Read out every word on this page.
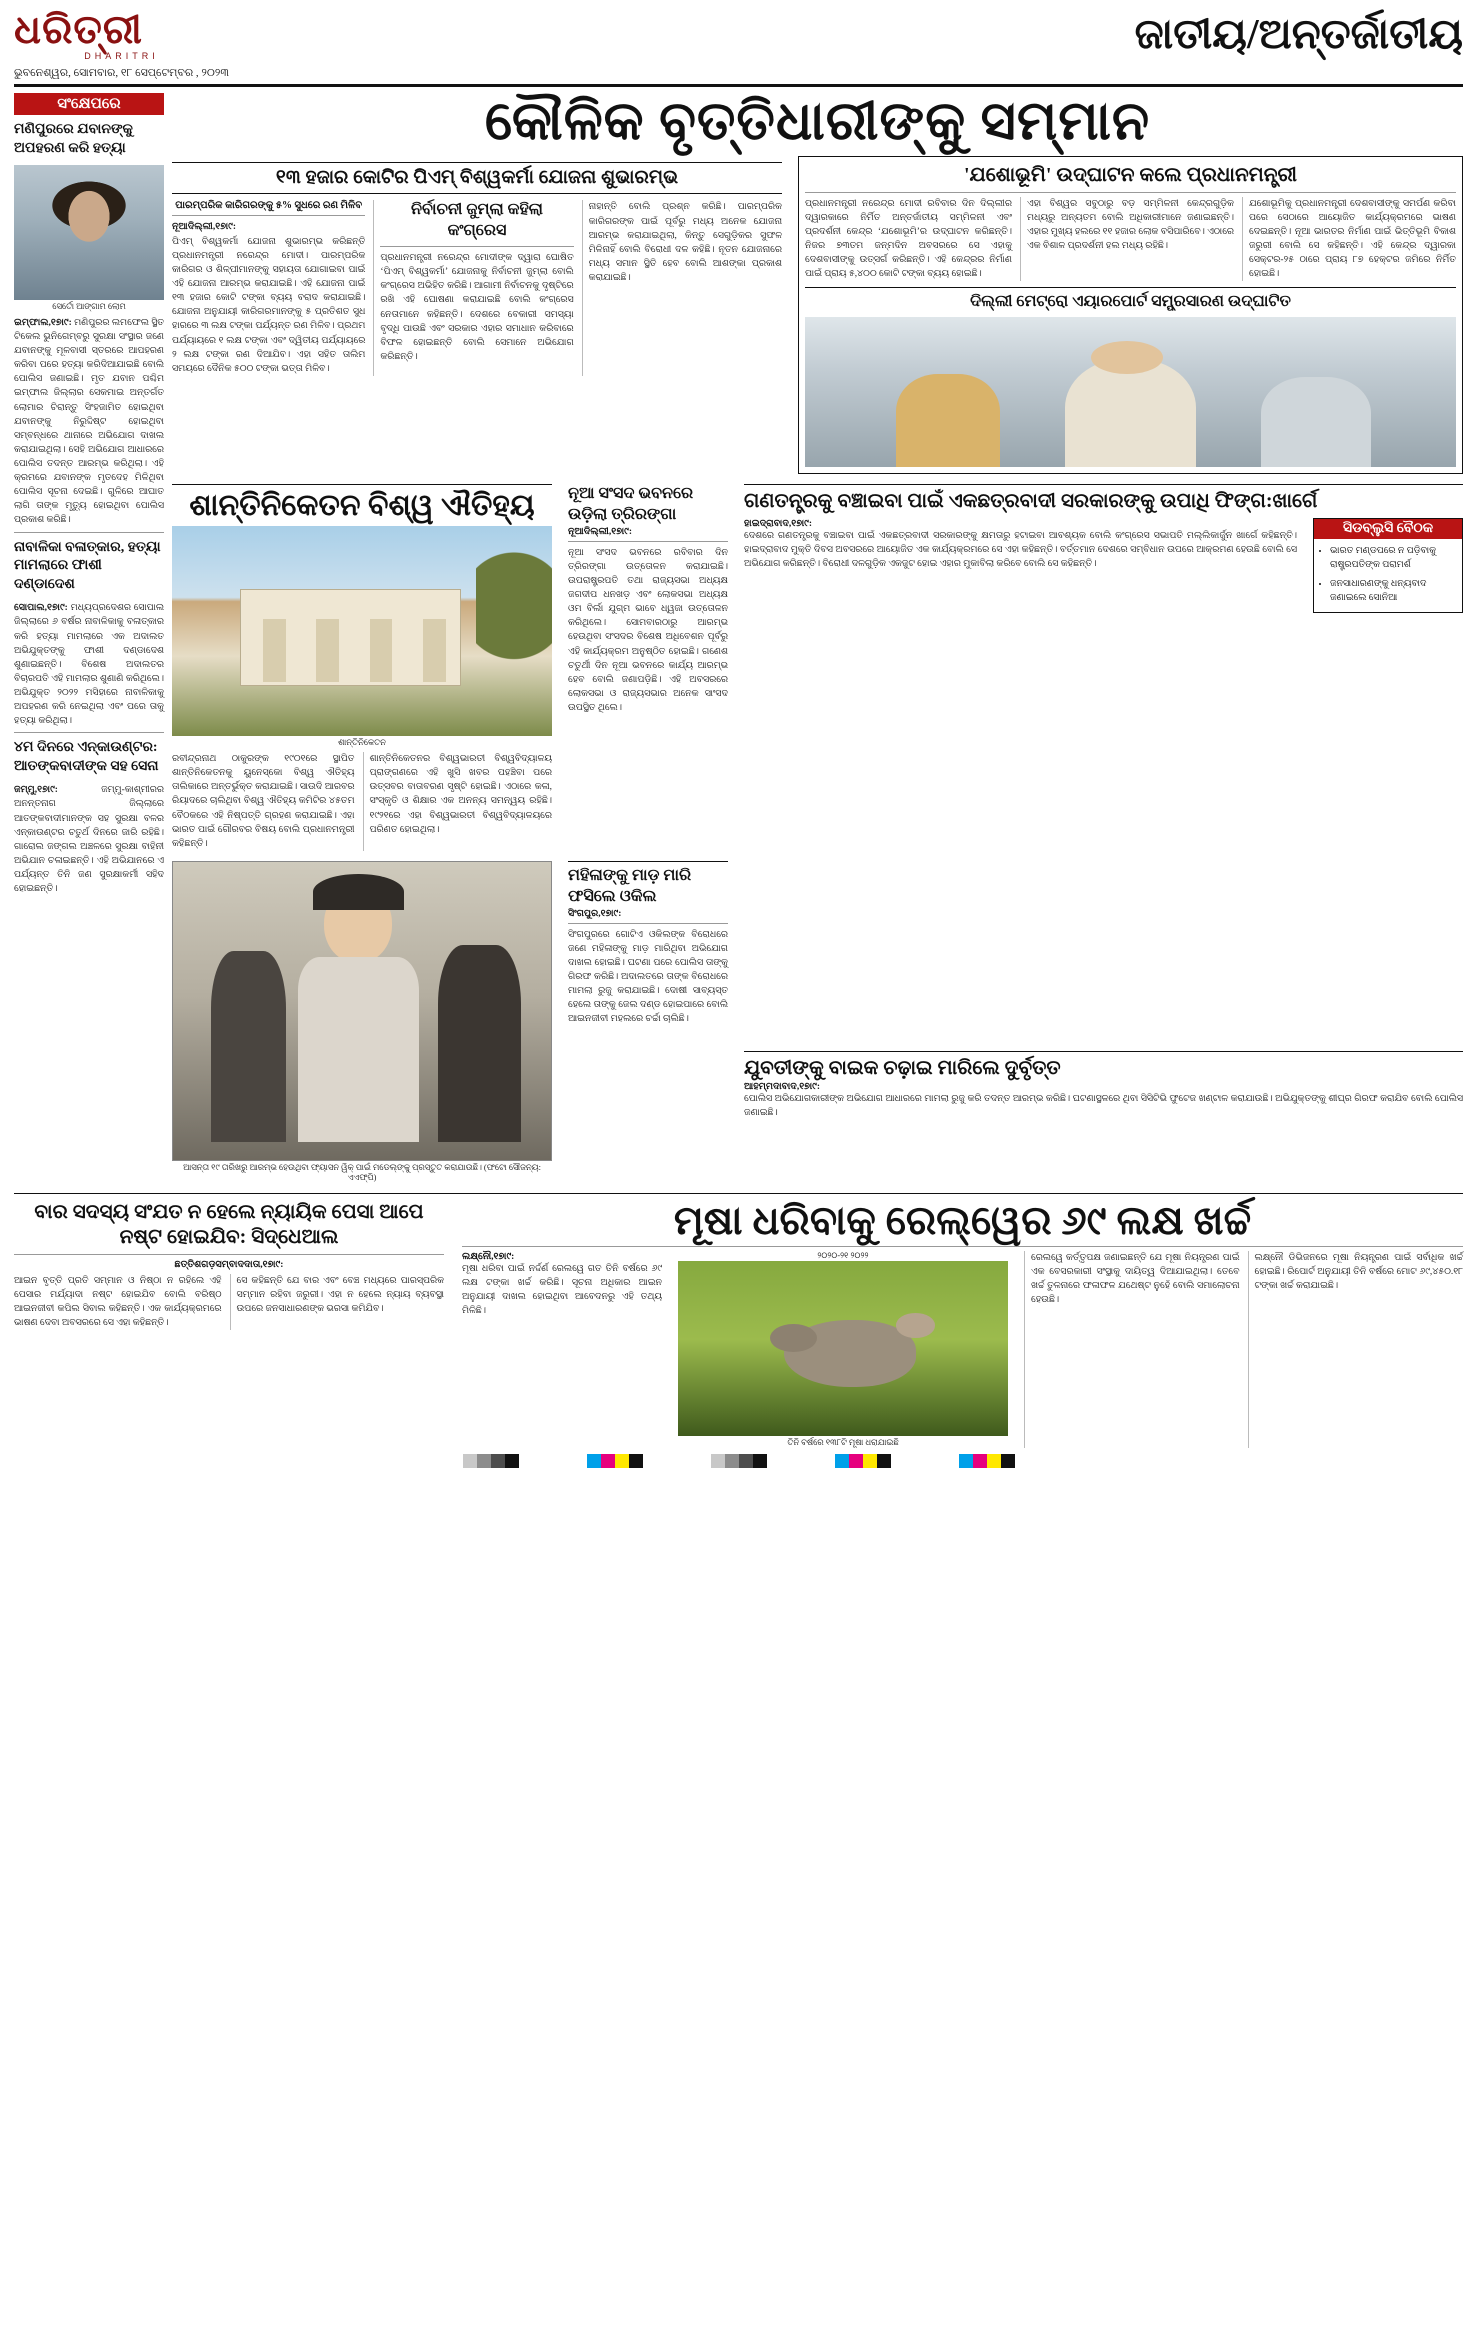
ଧରିତ୍ରୀ
DHARITRI
ଭୁବନେଶ୍ୱର, ସୋମବାର, ୧୮ ସେପ୍ଟେମ୍ବର , ୨୦୨୩
ଜାତୀୟ/ଅନ୍ତର୍ଜାତୀୟ
ସଂକ୍ଷେପରେ
ମଣିପୁରରେ ଯବାନଙ୍କୁ ଅପହରଣ କରି ହତ୍ୟା
ସେର୍ତୋ ଆଙ୍ଗାମ ଲୋମ
ଇମ୍ଫାଲ,୧୭ା୯: ମଣିପୁରର ଲମଫେଲ ସ୍ଥିତ ଟିକେଲ ଭୁନିଗେମ୍ବରୁ ସୁରକ୍ଷା ସଂସ୍ଥାର ଜଣେ ଯବାନଙ୍କୁ ମୂଳବାସୀ ସ୍ତରରେ ଆପହରଣ କରିବା ପରେ ହତ୍ୟା କରିଦିଆଯାଇଛି ବୋଲି ପୋଲିସ ଜଣାଇଛି। ମୃତ ଯବାନ ପଶ୍ଚିମ ଇମ୍ଫାଲ ଜିଲ୍ଲାର ସେକମାଇ ଅନ୍ତର୍ଗତ ଲୋମାର ଚିରାନ୍ତୁ ସିଂହଜାମିତ ହୋଇଥିବା ଯବାନଙ୍କୁ ନିରୁଦ୍ଦିଷ୍ଟ ହୋଇଥିବା ସମ୍ବନ୍ଧରେ ଥାନାରେ ଅଭିଯୋଗ ଦାଖଲ କରାଯାଇଥିଲା। ସେହି ଅଭିଯୋଗ ଆଧାରରେ ପୋଲିସ ତଦନ୍ତ ଆରମ୍ଭ କରିଥିଲା। ଏହି କ୍ରମରେ ଯବାନଙ୍କ ମୃତଦେହ ମିଳିଥିବା ପୋଲିସ ସୂଚନା ଦେଇଛି। ଗୁଳିରେ ଆଘାତ ଲାଗି ତାଙ୍କ ମୃତ୍ୟୁ ହୋଇଥିବା ପୋଲିସ ପ୍ରକାଶ କରିଛି।
ନାବାଳିକା ବଳାତ୍କାର, ହତ୍ୟା ମାମଲାରେ ଫାଶୀ ଦଣ୍ଡାଦେଶ
ସୋପାଲ,୧୭ା୯: ମଧ୍ୟପ୍ରଦେଶର ସୋପାଲ ଜିଲ୍ଲାରେ ୬ ବର୍ଷର ନାବାଳିକାକୁ ବଳାତ୍କାର କରି ହତ୍ୟା ମାମଲାରେ ଏକ ଅଦାଲତ ଅଭିଯୁକ୍ତଙ୍କୁ ଫାଶୀ ଦଣ୍ଡାଦେଶ ଶୁଣାଇଛନ୍ତି। ବିଶେଷ ଅଦାଲତର ବିଚାରପତି ଏହି ମାମଲାର ଶୁଣାଣି କରିଥିଲେ। ଅଭିଯୁକ୍ତ ୨୦୨୨ ମସିହାରେ ନାବାଳିକାକୁ ଅପହରଣ କରି ନେଇଥିଲା ଏବଂ ପରେ ତାକୁ ହତ୍ୟା କରିଥିଲା।
୪ମ ଦିନରେ ଏନ୍‌କାଉଣ୍ଟର: ଆତଙ୍କବାଦୀଙ୍କ ସହ ସେନା
ଜମ୍ମୁ,୧୭ା୯:	ଜମ୍ମୁ-କାଶ୍ମୀରର ଅନନ୍ତନାଗ ଜିଲ୍ଲାରେ ଆତଙ୍କବାଦୀମାନଙ୍କ ସହ ସୁରକ୍ଷା ବଳର ଏନ୍‌କାଉଣ୍ଟର ଚତୁର୍ଥ ଦିନରେ ଜାରି ରହିଛି। ଗାରୋଲ ଜଙ୍ଗଲ ଅଞ୍ଚଳରେ ସୁରକ୍ଷା ବାହିନୀ ଅଭିଯାନ ଚଳାଇଛନ୍ତି। ଏହି ଅଭିଯାନରେ ଏ ପର୍ଯ୍ୟନ୍ତ ତିନି ଜଣ ସୁରକ୍ଷାକର୍ମୀ ସହିଦ ହୋଇଛନ୍ତି।
କୌଳିକ ବୃତ୍ତିଧାରୀଙ୍କୁ ସମ୍ମାନ
୧୩ ହଜାର କୋଟିର ପିଏମ୍ ବିଶ୍ୱକର୍ମା ଯୋଜନା ଶୁଭାରମ୍ଭ
ପାରମ୍ପରିକ କାରିଗରଙ୍କୁ ୫% ସୁଧରେ ରଣ ମିଳିବ
ନୂଆଦିଲ୍ଲୀ,୧୭ା୯:
ପିଏମ୍ ବିଶ୍ୱକର୍ମା ଯୋଜନା ଶୁଭାରମ୍ଭ କରିଛନ୍ତି ପ୍ରଧାନମନ୍ତ୍ରୀ ନରେନ୍ଦ୍ର ମୋଦୀ। ପାରମ୍ପରିକ କାରିଗର ଓ ଶିଳ୍ପୀମାନଙ୍କୁ ସହାୟତା ଯୋଗାଇବା ପାଇଁ ଏହି ଯୋଜନା ଆରମ୍ଭ କରାଯାଇଛି। ଏହି ଯୋଜନା ପାଇଁ ୧୩ ହଜାର କୋଟି ଟଙ୍କା ବ୍ୟୟ ବରାଦ କରାଯାଇଛି। ଯୋଜନା ଅନୁଯାୟୀ କାରିଗରମାନଙ୍କୁ ୫ ପ୍ରତିଶତ ସୁଧ ହାରରେ ୩ ଲକ୍ଷ ଟଙ୍କା ପର୍ଯ୍ୟନ୍ତ ରଣ ମିଳିବ। ପ୍ରଥମ ପର୍ଯ୍ୟାୟରେ ୧ ଲକ୍ଷ ଟଙ୍କା ଏବଂ ଦ୍ୱିତୀୟ ପର୍ଯ୍ୟାୟରେ ୨ ଲକ୍ଷ ଟଙ୍କା ରଣ ଦିଆଯିବ। ଏହା ସହିତ ତାଲିମ ସମୟରେ ଦୈନିକ ୫୦୦ ଟଙ୍କା ଭତ୍ତା ମିଳିବ।
ନିର୍ବାଚନୀ ଜୁମ୍‌ଲା କହିଲା କଂଗ୍ରେସ
ପ୍ରଧାନମନ୍ତ୍ରୀ ନରେନ୍ଦ୍ର ମୋଦୀଙ୍କ ଦ୍ୱାରା ଘୋଷିତ ‘ପିଏମ୍ ବିଶ୍ୱକର୍ମା’ ଯୋଜନାକୁ ନିର୍ବାଚନୀ ଜୁମ୍‌ଲା ବୋଲି କଂଗ୍ରେସ ଅଭିହିତ କରିଛି। ଆଗାମୀ ନିର୍ବାଚନକୁ ଦୃଷ୍ଟିରେ ରଖି ଏହି ଘୋଷଣା କରାଯାଇଛି ବୋଲି କଂଗ୍ରେସ ନେତାମାନେ କହିଛନ୍ତି। ଦେଶରେ ବେକାରୀ ସମସ୍ୟା ବୃଦ୍ଧି ପାଉଛି ଏବଂ ସରକାର ଏହାର ସମାଧାନ କରିବାରେ ବିଫଳ ହୋଇଛନ୍ତି ବୋଲି ସେମାନେ ଅଭିଯୋଗ କରିଛନ୍ତି।
ନାହାନ୍ତି ବୋଲି ପ୍ରଶ୍ନ କରିଛି। ପାରମ୍ପରିକ କାରିଗରଙ୍କ ପାଇଁ ପୂର୍ବରୁ ମଧ୍ୟ ଅନେକ ଯୋଜନା ଆରମ୍ଭ କରାଯାଇଥିଲା, କିନ୍ତୁ ସେଗୁଡ଼ିକର ସୁଫଳ ମିଳିନାହିଁ ବୋଲି ବିରୋଧୀ ଦଳ କହିଛି। ନୂତନ ଯୋଜନାରେ ମଧ୍ୟ ସମାନ ସ୍ଥିତି ହେବ ବୋଲି ଆଶଙ୍କା ପ୍ରକାଶ କରାଯାଇଛି।
'ଯଶୋଭୂମି' ଉଦ୍‌ଘାଟନ କଲେ ପ୍ରଧାନମନ୍ତ୍ରୀ
ପ୍ରଧାନମନ୍ତ୍ରୀ ନରେନ୍ଦ୍ର ମୋଦୀ ରବିବାର ଦିନ ଦିଲ୍ଲୀର ଦ୍ୱାରକାରେ ନିର୍ମିତ ଅନ୍ତର୍ଜାତୀୟ ସମ୍ମିଳନୀ ଏବଂ ପ୍ରଦର୍ଶନୀ କେନ୍ଦ୍ର ‘ଯଶୋଭୂମି’ର ଉଦ୍‌ଘାଟନ କରିଛନ୍ତି। ନିଜର ୭୩ତମ ଜନ୍ମଦିନ ଅବସରରେ ସେ ଏହାକୁ ଦେଶବାସୀଙ୍କୁ ଉତ୍ସର୍ଗ କରିଛନ୍ତି। ଏହି କେନ୍ଦ୍ରର ନିର୍ମାଣ ପାଇଁ ପ୍ରାୟ ୫,୪୦୦ କୋଟି ଟଙ୍କା ବ୍ୟୟ ହୋଇଛି।
ଏହା ବିଶ୍ୱର ସବୁଠାରୁ ବଡ଼ ସମ୍ମିଳନୀ କେନ୍ଦ୍ରଗୁଡ଼ିକ ମଧ୍ୟରୁ ଅନ୍ୟତମ ବୋଲି ଅଧିକାରୀମାନେ ଜଣାଇଛନ୍ତି। ଏହାର ମୁଖ୍ୟ ହଲରେ ୧୧ ହଜାର ଲୋକ ବସିପାରିବେ। ଏଠାରେ ଏକ ବିଶାଳ ପ୍ରଦର୍ଶନୀ ହଲ ମଧ୍ୟ ରହିଛି।
ଯଶୋଭୂମିକୁ ପ୍ରଧାନମନ୍ତ୍ରୀ ଦେଶବାସୀଙ୍କୁ ସମର୍ପଣ କରିବା ପରେ ସେଠାରେ ଆୟୋଜିତ କାର୍ଯ୍ୟକ୍ରମରେ ଭାଷଣ ଦେଇଛନ୍ତି। ନୂଆ ଭାରତର ନିର୍ମାଣ ପାଇଁ ଭିତ୍ତିଭୂମି ବିକାଶ ଜରୁରୀ ବୋଲି ସେ କହିଛନ୍ତି। ଏହି କେନ୍ଦ୍ର ଦ୍ୱାରକା ସେକ୍ଟର-୨୫ ଠାରେ ପ୍ରାୟ ୮୭ ହେକ୍ଟର ଜମିରେ ନିର୍ମିତ ହୋଇଛି।
ଦିଲ୍ଲୀ ମେଟ୍ରୋ ଏୟାରପୋର୍ଟ ସମ୍ପ୍ରସାରଣ ଉଦ୍‌ଘାଟିତ
ଶାନ୍ତିନିକେତନ ବିଶ୍ୱ ଐତିହ୍ୟ
ଶାନ୍ତିନିକେତନ
ରବୀନ୍ଦ୍ରନାଥ ଠାକୁରଙ୍କ ୧୯୦୧ରେ ସ୍ଥାପିତ ଶାନ୍ତିନିକେତନକୁ ୟୁନେସ୍କୋ ବିଶ୍ୱ ଐତିହ୍ୟ ତାଲିକାରେ ଅନ୍ତର୍ଭୁକ୍ତ କରାଯାଇଛି। ସାଉଦି ଆରବର ରିୟାଦରେ ଚାଲିଥିବା ବିଶ୍ୱ ଐତିହ୍ୟ କମିଟିର ୪୫ତମ ବୈଠକରେ ଏହି ନିଷ୍ପତ୍ତି ଗ୍ରହଣ କରାଯାଇଛି। ଏହା ଭାରତ ପାଇଁ ଗୌରବର ବିଷୟ ବୋଲି ପ୍ରଧାନମନ୍ତ୍ରୀ କହିଛନ୍ତି।
ଶାନ୍ତିନିକେତନର ବିଶ୍ୱଭାରତୀ ବିଶ୍ୱବିଦ୍ୟାଳୟ ପ୍ରାଙ୍ଗଣରେ ଏହି ଖୁସି ଖବର ପହଞ୍ଚିବା ପରେ ଉତ୍ସବର ବାତାବରଣ ସୃଷ୍ଟି ହୋଇଛି। ଏଠାରେ କଳା, ସଂସ୍କୃତି ଓ ଶିକ୍ଷାର ଏକ ଅନନ୍ୟ ସମନ୍ୱୟ ରହିଛି। ୧୯୨୧ରେ ଏହା ବିଶ୍ୱଭାରତୀ ବିଶ୍ୱବିଦ୍ୟାଳୟରେ ପରିଣତ ହୋଇଥିଲା।
ନୂଆ ସଂସଦ ଭବନରେ ଉଡ଼ିଲା ତ୍ରିରଙ୍ଗା
ନୂଆଦିଲ୍ଲୀ,୧୭ା୯:
ନୂଆ ସଂସଦ ଭବନରେ ରବିବାର ଦିନ ତ୍ରିରଙ୍ଗା ଉତ୍ତୋଳନ କରାଯାଇଛି। ଉପରାଷ୍ଟ୍ରପତି ତଥା ରାଜ୍ୟସଭା ଅଧ୍ୟକ୍ଷ ଜଗଦୀପ ଧନଖଡ଼ ଏବଂ ଲୋକସଭା ଅଧ୍ୟକ୍ଷ ଓମ ବିର୍ଲା ଯୁଗ୍ମ ଭାବେ ଧ୍ୱଜା ଉତ୍ତୋଳନ କରିଥିଲେ। ସୋମବାରଠାରୁ ଆରମ୍ଭ ହେଉଥିବା ସଂସଦର ବିଶେଷ ଅଧିବେଶନ ପୂର୍ବରୁ ଏହି କାର୍ଯ୍ୟକ୍ରମ ଅନୁଷ୍ଠିତ ହୋଇଛି। ଗଣେଶ ଚତୁର୍ଥୀ ଦିନ ନୂଆ ଭବନରେ କାର୍ଯ୍ୟ ଆରମ୍ଭ ହେବ ବୋଲି ଜଣାପଡ଼ିଛି। ଏହି ଅବସରରେ ଲୋକସଭା ଓ ରାଜ୍ୟସଭାର ଅନେକ ସାଂସଦ ଉପସ୍ଥିତ ଥିଲେ।
ଗଣତନ୍ତ୍ରକୁ ବଞ୍ଚାଇବା ପାଇଁ ଏକଛତ୍ରବାଦୀ ସରକାରଙ୍କୁ ଉପାଧି ଫିଙ୍ଗ:ଖାର୍ଗେ
ହାଇଦ୍ରାବାଦ,୧୭ା୯:
ଦେଶରେ ଗଣତନ୍ତ୍ରକୁ ବଞ୍ଚାଇବା ପାଇଁ ଏକଛତ୍ରବାଦୀ ସରକାରଙ୍କୁ କ୍ଷମତାରୁ ହଟାଇବା ଆବଶ୍ୟକ ବୋଲି କଂଗ୍ରେସ ସଭାପତି ମଲ୍ଲିକାର୍ଜୁନ ଖାର୍ଗେ କହିଛନ୍ତି। ହାଇଦ୍ରାବାଦ ମୁକ୍ତି ଦିବସ ଅବସରରେ ଆୟୋଜିତ ଏକ କାର୍ଯ୍ୟକ୍ରମରେ ସେ ଏହା କହିଛନ୍ତି। ବର୍ତ୍ତମାନ ଦେଶରେ ସମ୍ବିଧାନ ଉପରେ ଆକ୍ରମଣ ହେଉଛି ବୋଲି ସେ ଅଭିଯୋଗ କରିଛନ୍ତି। ବିରୋଧୀ ଦଳଗୁଡ଼ିକ ଏକଜୁଟ ହୋଇ ଏହାର ମୁକାବିଲା କରିବେ ବୋଲି ସେ କହିଛନ୍ତି।
ସିଡବ୍ଲୁସି ବୈଠକ
• ଭାରତ ମଣ୍ଡପରେ ନ ପଡ଼ିବାକୁ ରାଷ୍ଟ୍ରପତିଙ୍କ ପରାମର୍ଶ
• ଜନସାଧାରଣଙ୍କୁ ଧନ୍ୟବାଦ ଜଣାଇଲେ ସୋନିଆ
ଆସନ୍ତା ୧୯ ତାରିଖରୁ ଆରମ୍ଭ ହେଉଥିବା ଫ୍ୟାସନ ୱିକ୍ ପାଇଁ ମଡେଲ୍‌ଙ୍କୁ ପ୍ରସ୍ତୁତ କରାଯାଉଛି। (ଫଟୋ ସୌଜନ୍ୟ: ଏଏଫ୍‌ପି)
ମହିଳାଙ୍କୁ ମାଡ଼ ମାରି ଫସିଲେ ଓକିଲ
ସିଂଗପୁର,୧୭ା୯:
ସିଂଗପୁରରେ ଗୋଟିଏ ଓକିଲଙ୍କ ବିରୋଧରେ ଜଣେ ମହିଳାଙ୍କୁ ମାଡ଼ ମାରିଥିବା ଅଭିଯୋଗ ଦାଖଲ ହୋଇଛି। ଘଟଣା ପରେ ପୋଲିସ ତାଙ୍କୁ ଗିରଫ କରିଛି। ଅଦାଲତରେ ତାଙ୍କ ବିରୋଧରେ ମାମଲା ରୁଜୁ କରାଯାଇଛି। ଦୋଷୀ ସାବ୍ୟସ୍ତ ହେଲେ ତାଙ୍କୁ ଜେଲ ଦଣ୍ଡ ହୋଇପାରେ ବୋଲି ଆଇନଜୀବୀ ମହଲରେ ଚର୍ଚ୍ଚା ଚାଲିଛି।
ଯୁବତୀଙ୍କୁ ବାଇକ ଚଢ଼ାଇ ମାରିଲେ ଦୁର୍ବୃତ୍ତ
ଆହମ୍ମଦାବାଦ,୧୭ା୯:
ପୋଲିସ ଅଭିଯୋଗକାରୀଙ୍କ ଅଭିଯୋଗ ଆଧାରରେ ମାମଲା ରୁଜୁ କରି ତଦନ୍ତ ଆରମ୍ଭ କରିଛି। ଘଟଣାସ୍ଥଳରେ ଥିବା ସିସିଟିଭି ଫୁଟେଜ ଖଣ୍ଟାଳ କରାଯାଉଛି। ଅଭିଯୁକ୍ତଙ୍କୁ ଶୀଘ୍ର ଗିରଫ କରାଯିବ ବୋଲି ପୋଲିସ ଜଣାଇଛି।
ବାର ସଦସ୍ୟ ସଂଯତ ନ ହେଲେ ନ୍ୟାୟିକ ପେସା ଆପେ ନଷ୍ଟ ହୋଇଯିବ: ସିଦ୍ଧେଆଲ
ଛତ୍ତିଶଗଡ଼ସମ୍ବାଦଦାତା,୧୭ା୯:
ଆଇନ ବୃତ୍ତି ପ୍ରତି ସମ୍ମାନ ଓ ନିଷ୍ଠା ନ ରହିଲେ ଏହି ପେସାର ମର୍ଯ୍ୟାଦା ନଷ୍ଟ ହୋଇଯିବ ବୋଲି ବରିଷ୍ଠ ଆଇନଜୀବୀ କପିଲ ସିବାଲ କହିଛନ୍ତି। ଏକ କାର୍ଯ୍ୟକ୍ରମରେ ଭାଷଣ ଦେବା ଅବସରରେ ସେ ଏହା କହିଛନ୍ତି।
ସେ କହିଛନ୍ତି ଯେ ବାର ଏବଂ ବେଞ୍ଚ ମଧ୍ୟରେ ପାରସ୍ପରିକ ସମ୍ମାନ ରହିବା ଜରୁରୀ। ଏହା ନ ହେଲେ ନ୍ୟାୟ ବ୍ୟବସ୍ଥା ଉପରେ ଜନସାଧାରଣଙ୍କ ଭରସା କମିଯିବ।
ମୂଷା ଧରିବାକୁ ରେଲ୍‌ୱେର ୬୯ ଲକ୍ଷ ଖର୍ଚ୍ଚ
ଲକ୍ଷ୍ନୌ,୧୭ା୯:
ମୂଷା ଧରିବା ପାଇଁ ନର୍ଦ୍ଦର୍ଣ ରେଲୱେ ଗତ ତିନି ବର୍ଷରେ ୬୯ ଲକ୍ଷ ଟଙ୍କା ଖର୍ଚ୍ଚ କରିଛି। ସୂଚନା ଅଧିକାର ଆଇନ ଅନୁଯାୟୀ ଦାଖଲ ହୋଇଥିବା ଆବେଦନରୁ ଏହି ତଥ୍ୟ ମିଳିଛି।
୨୦୨୦-୨୧ ୨୦୨୨
ତିନି ବର୍ଷରେ ୧୩୮ଟି ମୂଷା ଧରାଯାଇଛି
ରେଲୱେ କର୍ତ୍ତୃପକ୍ଷ ଜଣାଇଛନ୍ତି ଯେ ମୂଷା ନିୟନ୍ତ୍ରଣ ପାଇଁ ଏକ ବେସରକାରୀ ସଂସ୍ଥାକୁ ଦାୟିତ୍ୱ ଦିଆଯାଇଥିଲା। ତେବେ ଖର୍ଚ୍ଚ ତୁଳନାରେ ଫଳାଫଳ ଯଥେଷ୍ଟ ନୁହେଁ ବୋଲି ସମାଲୋଚନା ହେଉଛି।
ଲକ୍ଷ୍ନୌ ଡିଭିଜନରେ ମୂଷା ନିୟନ୍ତ୍ରଣ ପାଇଁ ସର୍ବାଧିକ ଖର୍ଚ୍ଚ ହୋଇଛି। ରିପୋର୍ଟ ଅନୁଯାୟୀ ତିନି ବର୍ଷରେ ମୋଟ ୬୯,୪୫୦.୧୮ ଟଙ୍କା ଖର୍ଚ୍ଚ କରାଯାଇଛି।
